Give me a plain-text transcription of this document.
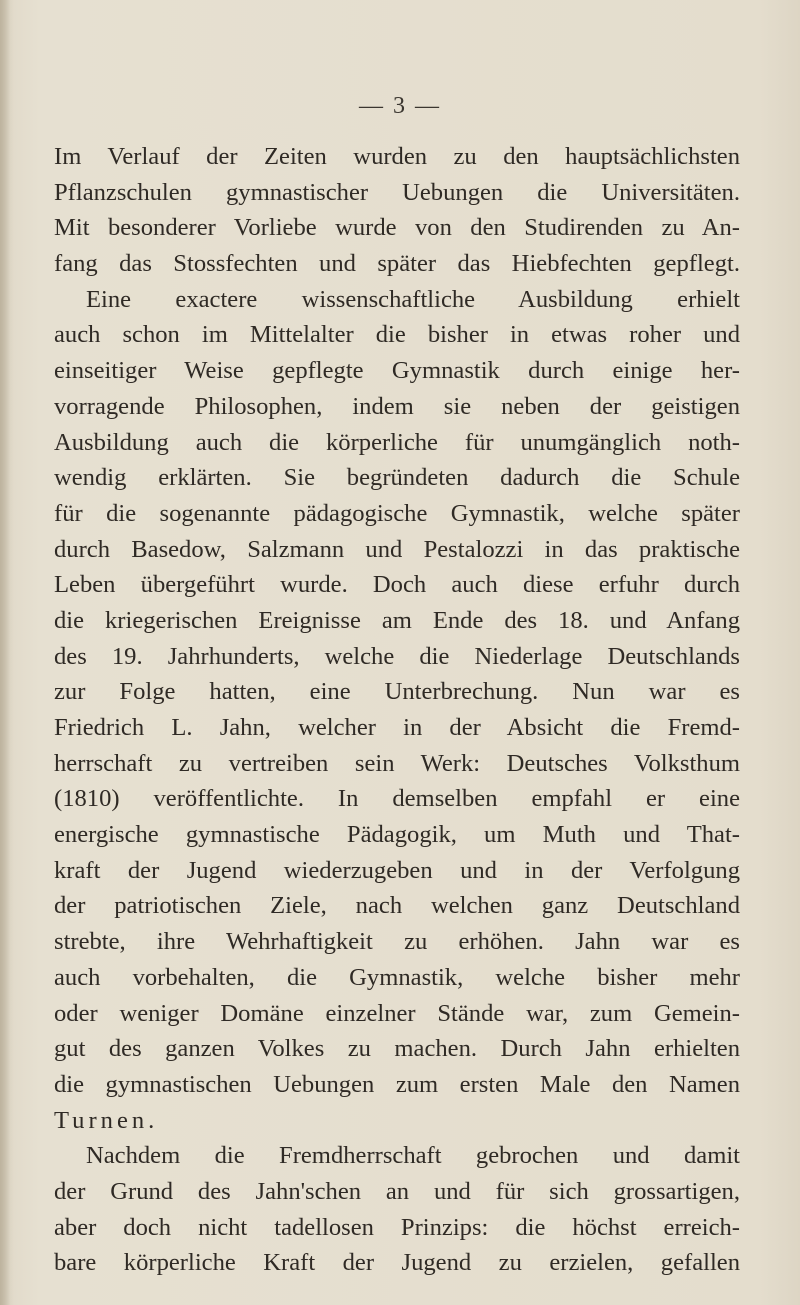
— 3 —
Im Verlauf der Zeiten wurden zu den hauptsächlichsten
Pflanzschulen gymnastischer Uebungen die Universitäten.
Mit besonderer Vorliebe wurde von den Studirenden zu An-
fang das Stossfechten und später das Hiebfechten gepflegt.
Eine exactere wissenschaftliche Ausbildung erhielt
auch schon im Mittelalter die bisher in etwas roher und
einseitiger Weise gepflegte Gymnastik durch einige her-
vorragende Philosophen, indem sie neben der geistigen
Ausbildung auch die körperliche für unumgänglich noth-
wendig erklärten. Sie begründeten dadurch die Schule
für die sogenannte pädagogische Gymnastik, welche später
durch Basedow, Salzmann und Pestalozzi in das praktische
Leben übergeführt wurde. Doch auch diese erfuhr durch
die kriegerischen Ereignisse am Ende des 18. und Anfang
des 19. Jahrhunderts, welche die Niederlage Deutschlands
zur Folge hatten, eine Unterbrechung. Nun war es
Friedrich L. Jahn, welcher in der Absicht die Fremd-
herrschaft zu vertreiben sein Werk: Deutsches Volksthum
(1810) veröffentlichte. In demselben empfahl er eine
energische gymnastische Pädagogik, um Muth und That-
kraft der Jugend wiederzugeben und in der Verfolgung
der patriotischen Ziele, nach welchen ganz Deutschland
strebte, ihre Wehrhaftigkeit zu erhöhen. Jahn war es
auch vorbehalten, die Gymnastik, welche bisher mehr
oder weniger Domäne einzelner Stände war, zum Gemein-
gut des ganzen Volkes zu machen. Durch Jahn erhielten
die gymnastischen Uebungen zum ersten Male den Namen
Turnen.
Nachdem die Fremdherrschaft gebrochen und damit
der Grund des Jahn'schen an und für sich grossartigen,
aber doch nicht tadellosen Prinzips: die höchst erreich-
bare körperliche Kraft der Jugend zu erzielen, gefallen
